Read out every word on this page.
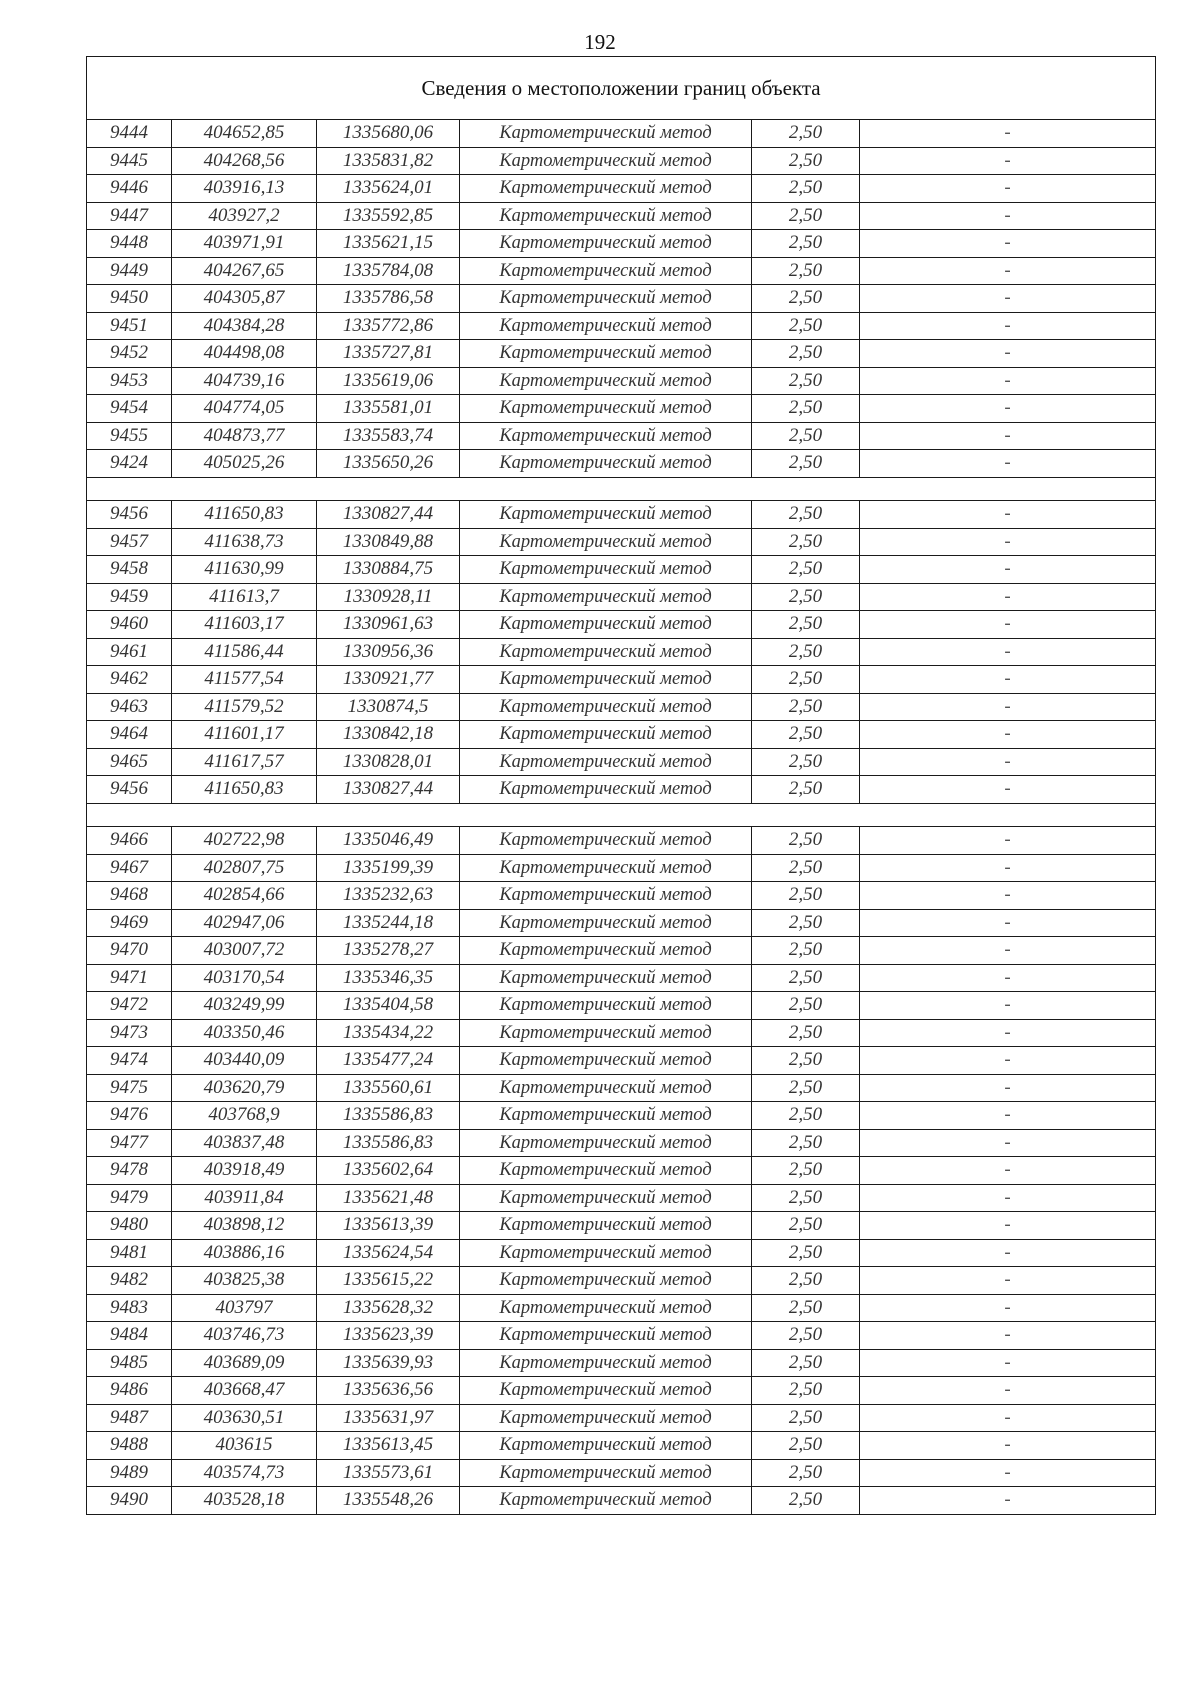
192
Сведения о местоположении границ объекта					
9444	404652,85	1335680,06	Картометрический метод	2,50	-
9445	404268,56	1335831,82	Картометрический метод	2,50	-
9446	403916,13	1335624,01	Картометрический метод	2,50	-
9447	403927,2	1335592,85	Картометрический метод	2,50	-
9448	403971,91	1335621,15	Картометрический метод	2,50	-
9449	404267,65	1335784,08	Картометрический метод	2,50	-
9450	404305,87	1335786,58	Картометрический метод	2,50	-
9451	404384,28	1335772,86	Картометрический метод	2,50	-
9452	404498,08	1335727,81	Картометрический метод	2,50	-
9453	404739,16	1335619,06	Картометрический метод	2,50	-
9454	404774,05	1335581,01	Картометрический метод	2,50	-
9455	404873,77	1335583,74	Картометрический метод	2,50	-
9424	405025,26	1335650,26	Картометрический метод	2,50	-

9456	411650,83	1330827,44	Картометрический метод	2,50	-
9457	411638,73	1330849,88	Картометрический метод	2,50	-
9458	411630,99	1330884,75	Картометрический метод	2,50	-
9459	411613,7	1330928,11	Картометрический метод	2,50	-
9460	411603,17	1330961,63	Картометрический метод	2,50	-
9461	411586,44	1330956,36	Картометрический метод	2,50	-
9462	411577,54	1330921,77	Картометрический метод	2,50	-
9463	411579,52	1330874,5	Картометрический метод	2,50	-
9464	411601,17	1330842,18	Картометрический метод	2,50	-
9465	411617,57	1330828,01	Картометрический метод	2,50	-
9456	411650,83	1330827,44	Картометрический метод	2,50	-

9466	402722,98	1335046,49	Картометрический метод	2,50	-
9467	402807,75	1335199,39	Картометрический метод	2,50	-
9468	402854,66	1335232,63	Картометрический метод	2,50	-
9469	402947,06	1335244,18	Картометрический метод	2,50	-
9470	403007,72	1335278,27	Картометрический метод	2,50	-
9471	403170,54	1335346,35	Картометрический метод	2,50	-
9472	403249,99	1335404,58	Картометрический метод	2,50	-
9473	403350,46	1335434,22	Картометрический метод	2,50	-
9474	403440,09	1335477,24	Картометрический метод	2,50	-
9475	403620,79	1335560,61	Картометрический метод	2,50	-
9476	403768,9	1335586,83	Картометрический метод	2,50	-
9477	403837,48	1335586,83	Картометрический метод	2,50	-
9478	403918,49	1335602,64	Картометрический метод	2,50	-
9479	403911,84	1335621,48	Картометрический метод	2,50	-
9480	403898,12	1335613,39	Картометрический метод	2,50	-
9481	403886,16	1335624,54	Картометрический метод	2,50	-
9482	403825,38	1335615,22	Картометрический метод	2,50	-
9483	403797	1335628,32	Картометрический метод	2,50	-
9484	403746,73	1335623,39	Картометрический метод	2,50	-
9485	403689,09	1335639,93	Картометрический метод	2,50	-
9486	403668,47	1335636,56	Картометрический метод	2,50	-
9487	403630,51	1335631,97	Картометрический метод	2,50	-
9488	403615	1335613,45	Картометрический метод	2,50	-
9489	403574,73	1335573,61	Картометрический метод	2,50	-
9490	403528,18	1335548,26	Картометрический метод	2,50	-
